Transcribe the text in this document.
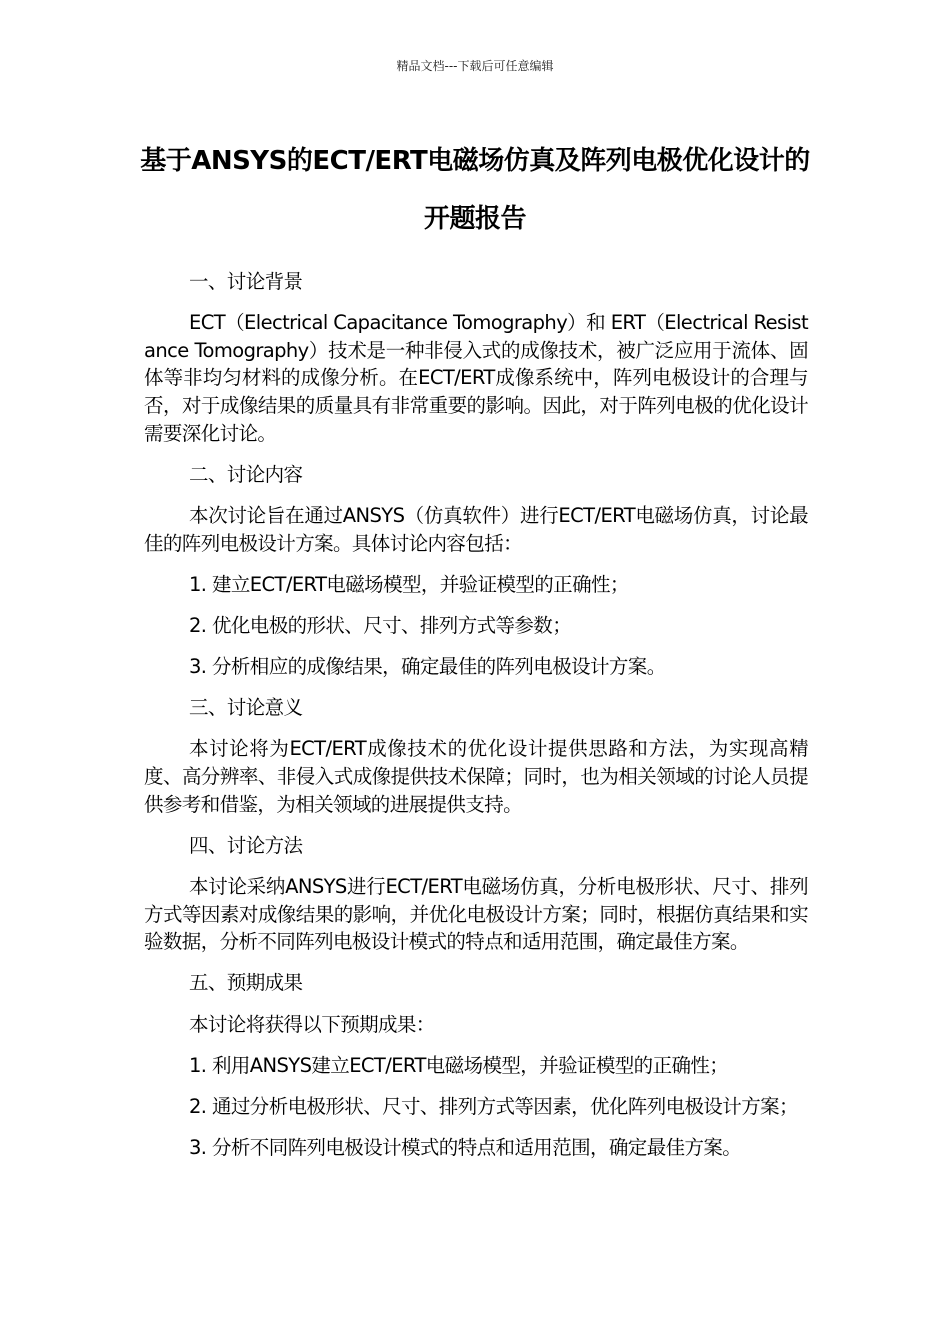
精品文档---下载后可任意编辑
基于ANSYS的ECT/ERT电磁场仿真及阵列电极优化设计的开题报告

一、讨论背景

ECT（Electrical Capacitance Tomography）和 ERT（Electrical Resistance Tomography）技术是一种非侵入式的成像技术，被广泛应用于流体、固体等非均匀材料的成像分析。在ECT/ERT成像系统中，阵列电极设计的合理与否，对于成像结果的质量具有非常重要的影响。因此，对于阵列电极的优化设计需要深化讨论。

二、讨论内容

本次讨论旨在通过ANSYS（仿真软件）进行ECT/ERT电磁场仿真，讨论最佳的阵列电极设计方案。具体讨论内容包括：

1. 建立ECT/ERT电磁场模型，并验证模型的正确性；

2. 优化电极的形状、尺寸、排列方式等参数；

3. 分析相应的成像结果，确定最佳的阵列电极设计方案。

三、讨论意义

本讨论将为ECT/ERT成像技术的优化设计提供思路和方法，为实现高精度、高分辨率、非侵入式成像提供技术保障；同时，也为相关领域的讨论人员提供参考和借鉴，为相关领域的进展提供支持。

四、讨论方法

本讨论采纳ANSYS进行ECT/ERT电磁场仿真，分析电极形状、尺寸、排列方式等因素对成像结果的影响，并优化电极设计方案；同时，根据仿真结果和实验数据，分析不同阵列电极设计模式的特点和适用范围，确定最佳方案。

五、预期成果

本讨论将获得以下预期成果：

1. 利用ANSYS建立ECT/ERT电磁场模型，并验证模型的正确性；

2. 通过分析电极形状、尺寸、排列方式等因素，优化阵列电极设计方案；

3. 分析不同阵列电极设计模式的特点和适用范围，确定最佳方案。
